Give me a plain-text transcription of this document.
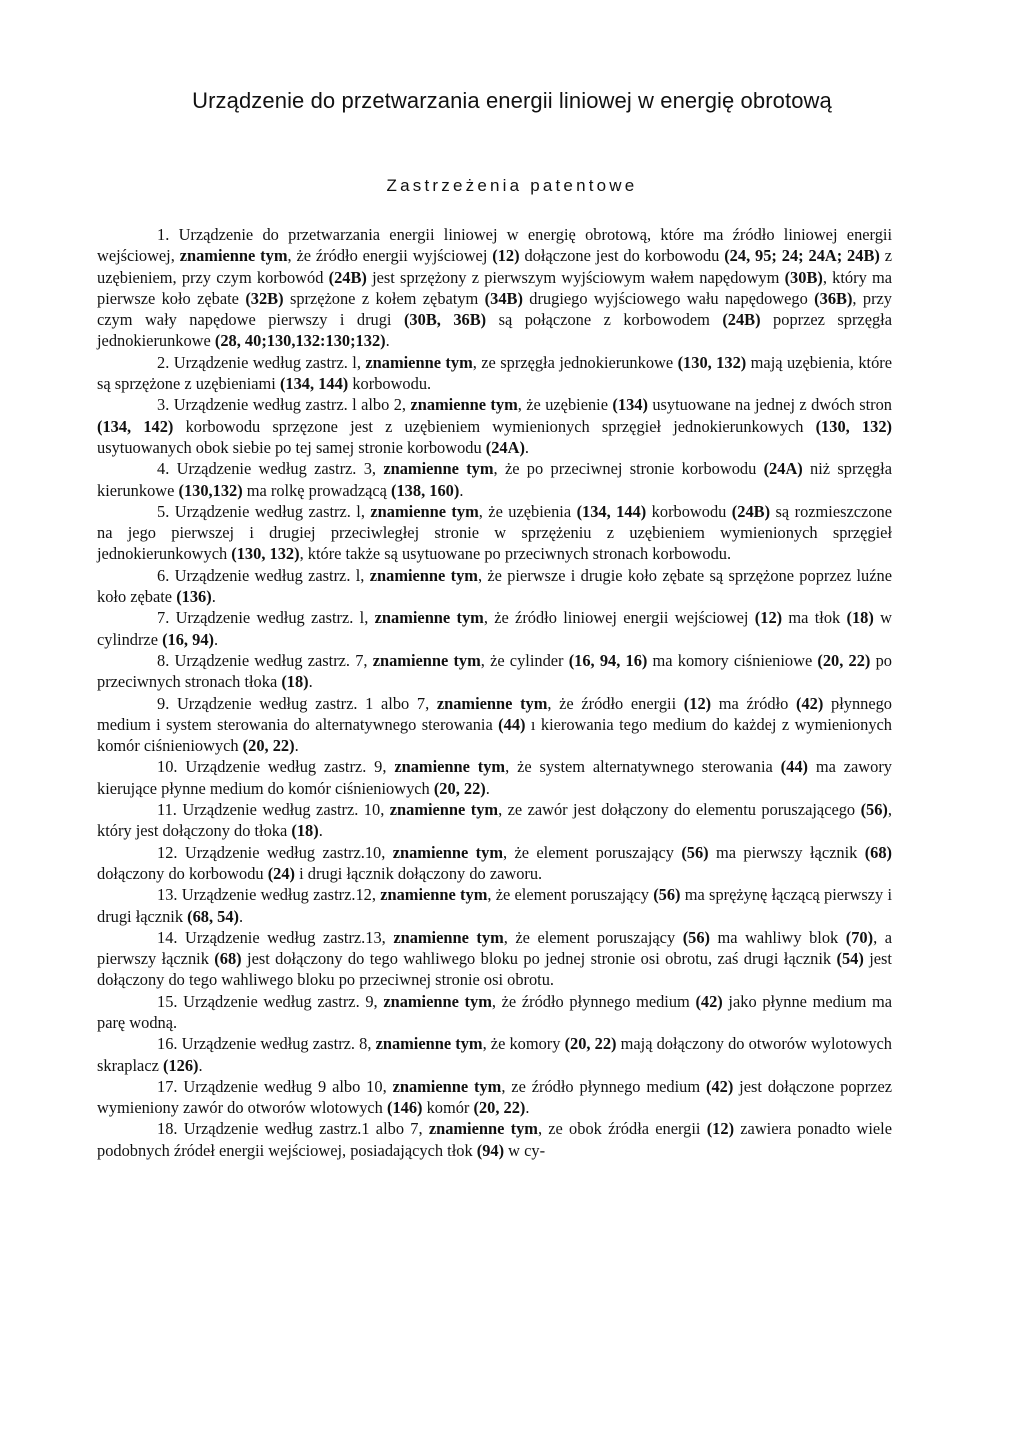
Urządzenie do przetwarzania energii liniowej w energię obrotową
Zastrzeżenia patentowe

1. Urządzenie do przetwarzania energii liniowej w energię obrotową, które ma źródło liniowej energii wejściowej, znamienne tym, że źródło energii wyjściowej (12) dołączone jest do korbowodu (24, 95; 24; 24A; 24B) z uzębieniem, przy czym korbowód (24B) jest sprzężony z pierwszym wyjściowym wałem napędowym (30B), który ma pierwsze koło zębate (32B) sprzężone z kołem zębatym (34B) drugiego wyjściowego wału napędowego (36B), przy czym wały napędowe pierwszy i drugi (30B, 36B) są połączone z korbowodem (24B) poprzez sprzęgła jednokierunkowe (28, 40;130,132:130;132).

2. Urządzenie według zastrz. l, znamienne tym, ze sprzęgła jednokierunkowe (130, 132) mają uzębienia, które są sprzężone z uzębieniami (134, 144) korbowodu.

3. Urządzenie według zastrz. l albo 2, znamienne tym, że uzębienie (134) usytuowane na jednej z dwóch stron (134, 142) korbowodu sprzęzone jest z uzębieniem wymienionych sprzęgieł jednokierunkowych (130, 132) usytuowanych obok siebie po tej samej stronie korbowodu (24A).

4. Urządzenie według zastrz. 3, znamienne tym, że po przeciwnej stronie korbowodu (24A) niż sprzęgła kierunkowe (130,132) ma rolkę prowadzącą (138, 160).

5. Urządzenie według zastrz. l, znamienne tym, że uzębienia (134, 144) korbowodu (24B) są rozmieszczone na jego pierwszej i drugiej przeciwległej stronie w sprzężeniu z uzębieniem wymienionych sprzęgieł jednokierunkowych (130, 132), które także są usytuowane po przeciwnych stronach korbowodu.

6. Urządzenie według zastrz. l, znamienne tym, że pierwsze i drugie koło zębate są sprzężone poprzez luźne koło zębate (136).

7. Urządzenie według zastrz. l, znamienne tym, że źródło liniowej energii wejściowej (12) ma tłok (18) w cylindrze (16, 94).

8. Urządzenie według zastrz. 7, znamienne tym, że cylinder (16, 94, 16) ma komory ciśnieniowe (20, 22) po przeciwnych stronach tłoka (18).

9. Urządzenie według zastrz. 1 albo 7, znamienne tym, że źródło energii (12) ma źródło (42) płynnego medium i system sterowania do alternatywnego sterowania (44) ı kierowania tego medium do każdej z wymienionych komór ciśnieniowych (20, 22).

10. Urządzenie według zastrz. 9, znamienne tym, że system alternatywnego sterowania (44) ma zawory kierujące płynne medium do komór ciśnieniowych (20, 22).

11. Urządzenie według zastrz. 10, znamienne tym, ze zawór jest dołączony do elementu poruszającego (56), który jest dołączony do tłoka (18).

12. Urządzenie według zastrz.10, znamienne tym, że element poruszający (56) ma pierwszy łącznik (68) dołączony do korbowodu (24) i drugi łącznik dołączony do zaworu.

13. Urządzenie według zastrz.12, znamienne tym, że element poruszający (56) ma sprężynę łączącą pierwszy i drugi łącznik (68, 54).

14. Urządzenie według zastrz.13, znamienne tym, że element poruszający (56) ma wahliwy blok (70), a pierwszy łącznik (68) jest dołączony do tego wahliwego bloku po jednej stronie osi obrotu, zaś drugi łącznik (54) jest dołączony do tego wahliwego bloku po przeciwnej stronie osi obrotu.

15. Urządzenie według zastrz. 9, znamienne tym, że źródło płynnego medium (42) jako płynne medium ma parę wodną.

16. Urządzenie według zastrz. 8, znamienne tym, że komory (20, 22) mają dołączony do otworów wylotowych skraplacz (126).

17. Urządzenie według 9 albo 10, znamienne tym, ze źródło płynnego medium (42) jest dołączone poprzez wymieniony zawór do otworów wlotowych (146) komór (20, 22).

18. Urządzenie według zastrz.1 albo 7, znamienne tym, ze obok źródła energii (12) zawiera ponadto wiele podobnych źródeł energii wejściowej, posiadających tłok (94) w cy-
